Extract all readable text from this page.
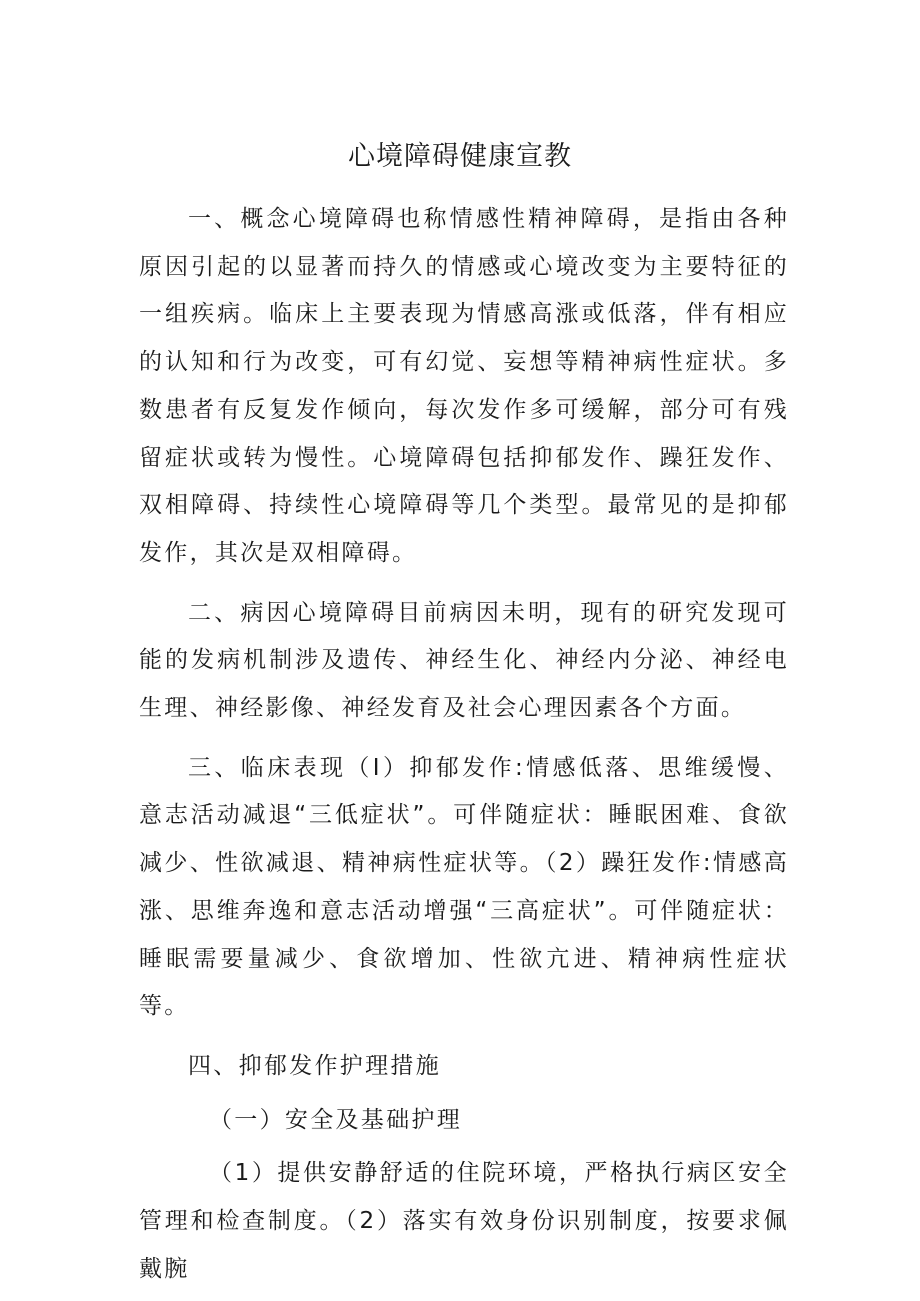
心境障碍健康宣教

一、概念心境障碍也称情感性精神障碍，是指由各种原因引起的以显著而持久的情感或心境改变为主要特征的一组疾病。临床上主要表现为情感高涨或低落，伴有相应的认知和行为改变，可有幻觉、妄想等精神病性症状。多数患者有反复发作倾向，每次发作多可缓解，部分可有残留症状或转为慢性。心境障碍包括抑郁发作、躁狂发作、双相障碍、持续性心境障碍等几个类型。最常见的是抑郁发作，其次是双相障碍。

二、病因心境障碍目前病因未明，现有的研究发现可能的发病机制涉及遗传、神经生化、神经内分泌、神经电生理、神经影像、神经发育及社会心理因素各个方面。

三、临床表现（I）抑郁发作:情感低落、思维缓慢、意志活动减退“三低症状”。可伴随症状：睡眠困难、食欲减少、性欲减退、精神病性症状等。（2）躁狂发作:情感高涨、思维奔逸和意志活动增强“三高症状”。可伴随症状：睡眠需要量减少、食欲增加、性欲亢进、精神病性症状等。

四、抑郁发作护理措施

（一）安全及基础护理

（1）提供安静舒适的住院环境，严格执行病区安全管理和检查制度。（2）落实有效身份识别制度，按要求佩戴腕
